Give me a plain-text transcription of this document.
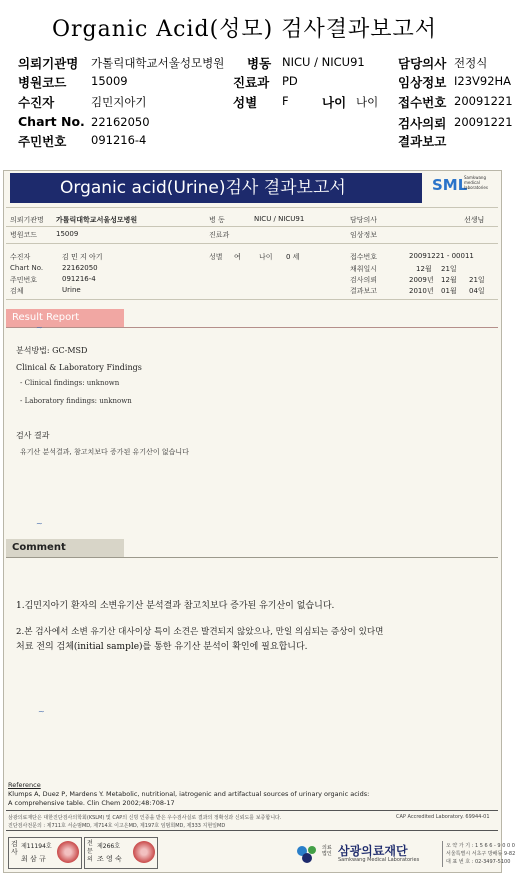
Organic Acid(성모) 검사결과보고서
의뢰기관명 가톨릭대학교서울성모병원 병동 NICU / NICU91	담당의사 전정식
병원코드 15009	진료과 PD	임상정보 I23V92HA
수진자	김민지아기	성별 F	나이 나이 접수번호 20091221
Chart No. 22162050	검사의뢰 20091221
주민번호 091216-4	결과보고
Organic acid(Urine)검사 결과보고서	SML
Samkwang medical laboratories
의뢰기관명 가톨릭대학교서울성모병원	병 동	NICU / NICU91	담당의사	선생님
병원코드	15009	진료과	임상정보
수진자	김 민 지 아기	성별 여	나이 0 세	접수번호	20091221 - 00011
Chart No.	22162050	채취일시	12월 21일
주민번호	091216-4	검사의뢰	2009년 12월 21일
검체	Urine	결과보고	2010년 01월 04일
Result Report
~
분석방법: GC-MSD
Clinical & Laboratory Findings
- Clinical findings: unknown
- Laboratory findings: unknown
검사 결과
유기산 분석결과, 참고치보다 증가된 유기산이 없습니다
~
Comment
1.김민지아기 환자의 소변유기산 분석결과 참고치보다 증가된 유기산이 없습니다.
2.본 검사에서 소변 유기산 대사이상 특이 소견은 발견되지 않았으나, 만일 의심되는 증상이 있다면
처료 전의 검체(initial sample)를 통한 유기산 분석이 확인에 필요합니다.
~
Reference
Klumps A, Duez P, Mardens Y. Metabolic, nutritional, iatrogenic and artifactual sources of urinary organic acids:
A comprehensive table. Clin Chem 2002;48:708-17
삼광의료재단은 대한진단검사의학회(KSLM) 및 CAP의 신빙 인증을 받은 우수검사실로 결과의 정확성과 신뢰도를 보증합니다.	CAP Accredited Laboratory. 69944-01
진단검사전문의 : 제711호 서순범MD, 제714호 이고은MD, 제197호 임범희MD, 제333 지현일MD
검사
제11194호
최 삼 규
전문의
제266호
조 영 숙
의료 법인 삼광의료재단
Samkwang Medical Laboratories
오 약 가 기 : 1 5 6 6 - 9 0 0 0
서울특별시 서초구 방배동 9-82
대 표 번 호 : 02-3497-5100
